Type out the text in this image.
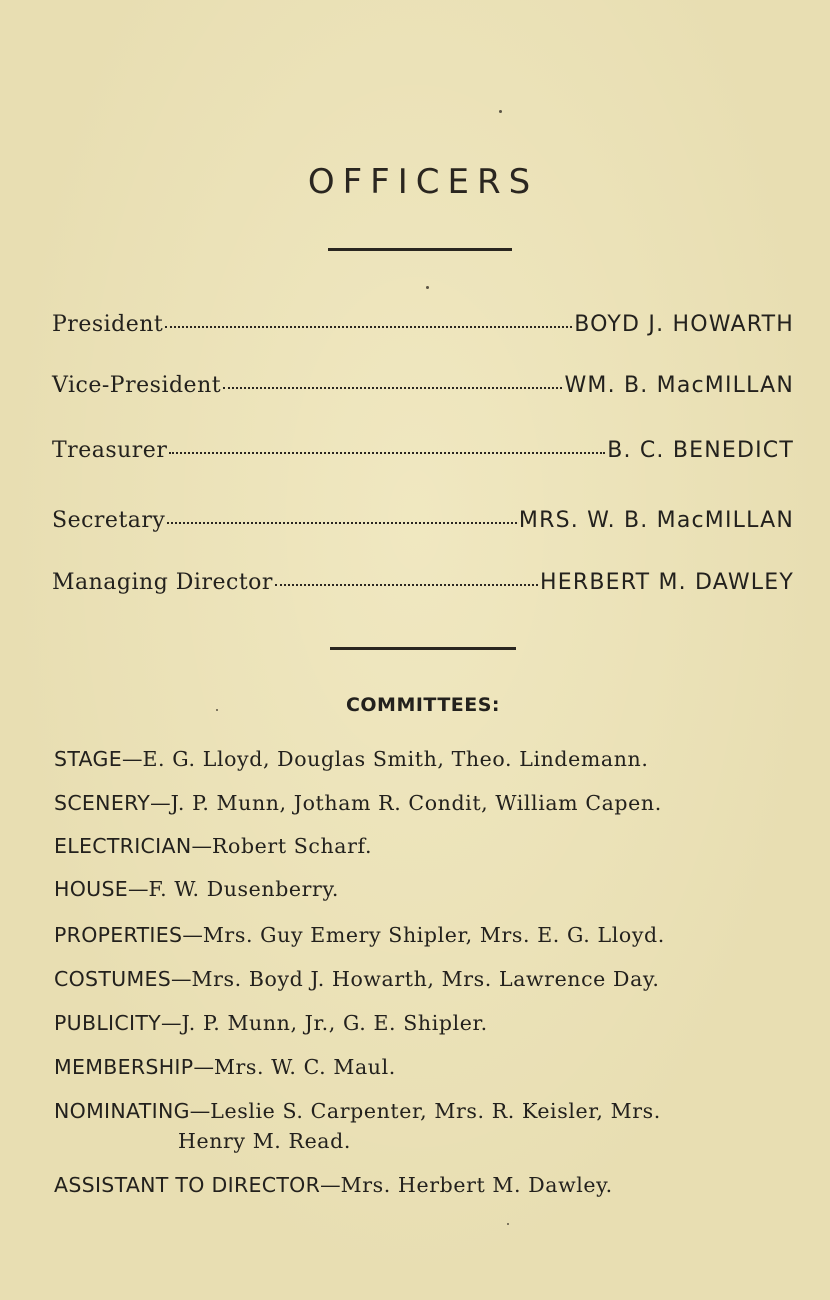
OFFICERS
President	BOYD J. HOWARTH
Vice-President	WM. B. MacMILLAN
Treasurer	B. C. BENEDICT
Secretary	MRS. W. B. MacMILLAN
Managing Director	HERBERT M. DAWLEY
COMMITTEES:
STAGE—E. G. Lloyd, Douglas Smith, Theo. Lindemann.
SCENERY—J. P. Munn, Jotham R. Condit, William Capen.
ELECTRICIAN—Robert Scharf.
HOUSE—F. W. Dusenberry.
PROPERTIES—Mrs. Guy Emery Shipler, Mrs. E. G. Lloyd.
COSTUMES—Mrs. Boyd J. Howarth, Mrs. Lawrence Day.
PUBLICITY—J. P. Munn, Jr., G. E. Shipler.
MEMBERSHIP—Mrs. W. C. Maul.
NOMINATING—Leslie S. Carpenter, Mrs. R. Keisler, Mrs.
Henry M. Read.
ASSISTANT TO DIRECTOR—Mrs. Herbert M. Dawley.
